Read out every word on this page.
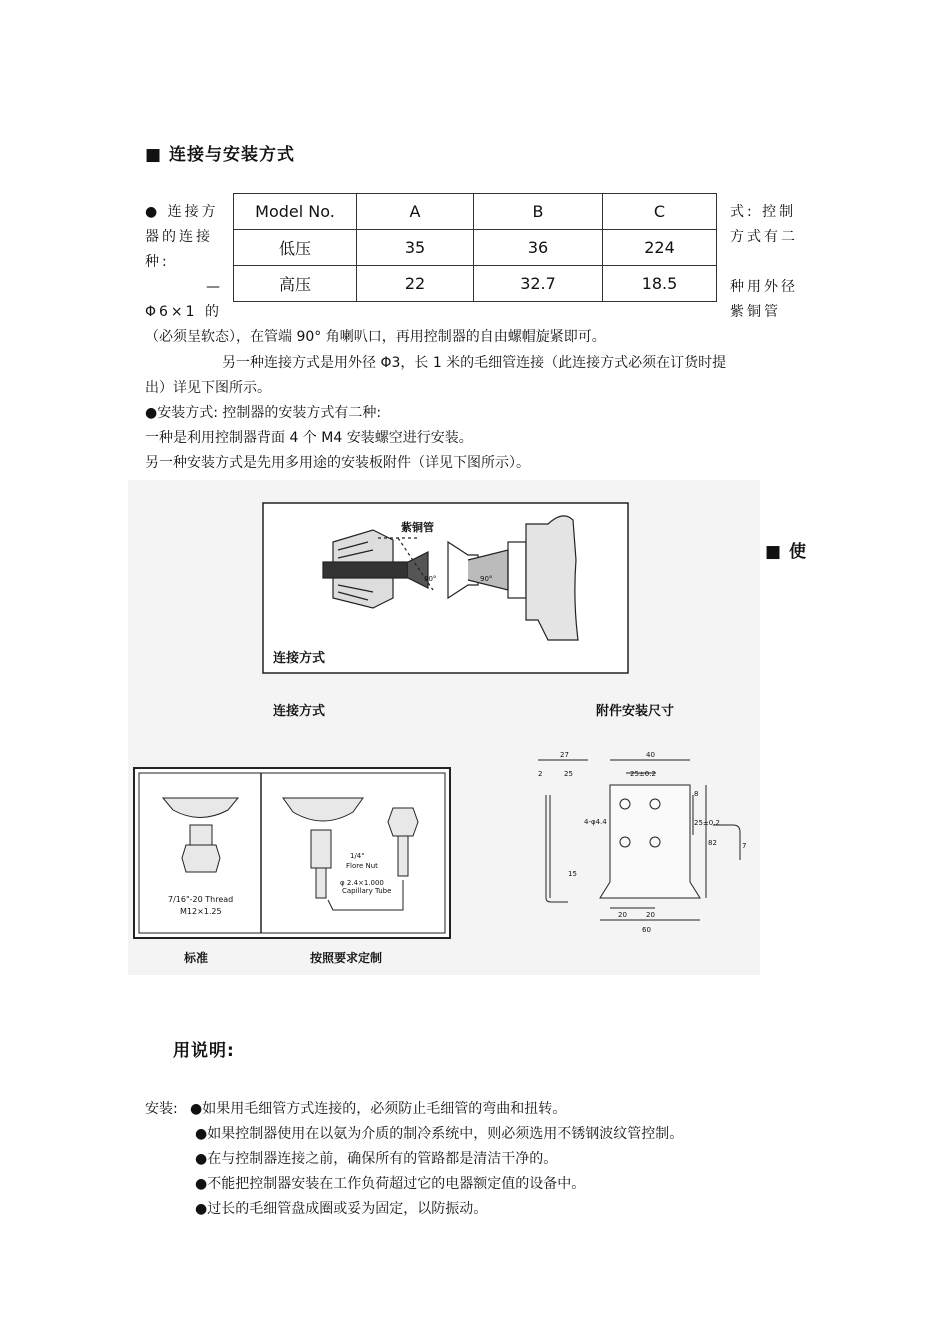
■ 连接与安装方式
● 连接方
器的连接
种:
—
Φ6×1 的
Model No.	A	B	C
低压	35	36	224
高压	22	32.7	18.5
式: 控制
方式有二
种用外径
紫铜管
（必须呈软态），在管端 90° 角喇叭口，再用控制器的自由螺帽旋紧即可。
另一种连接方式是用外径 Φ3，长 1 米的毛细管连接（此连接方式必须在订货时提
出）详见下图所示。
●安装方式: 控制器的安装方式有二种:
一种是利用控制器背面 4 个 M4 安装螺空进行安装。
另一种安装方式是先用多用途的安装板附件（详见下图所示）。
紫铜管
90°	90°
连接方式
连接方式	附件安装尺寸
7/16"-20 Thread
M12×1.25
1/4"
Flore Nut
φ 2.4×1.000
Capillary Tube
标准	按照要求定制
27	40
2	25	25±0.2
4-φ4.4
8
25±0.2
82
15
20	20
60
7
■ 使
用说明:
安装: ●如果用毛细管方式连接的，必须防止毛细管的弯曲和扭转。
●如果控制器使用在以氨为介质的制冷系统中，则必须选用不锈钢波纹管控制。
●在与控制器连接之前，确保所有的管路都是清洁干净的。
●不能把控制器安装在工作负荷超过它的电器额定值的设备中。
●过长的毛细管盘成圈或妥为固定，以防振动。
